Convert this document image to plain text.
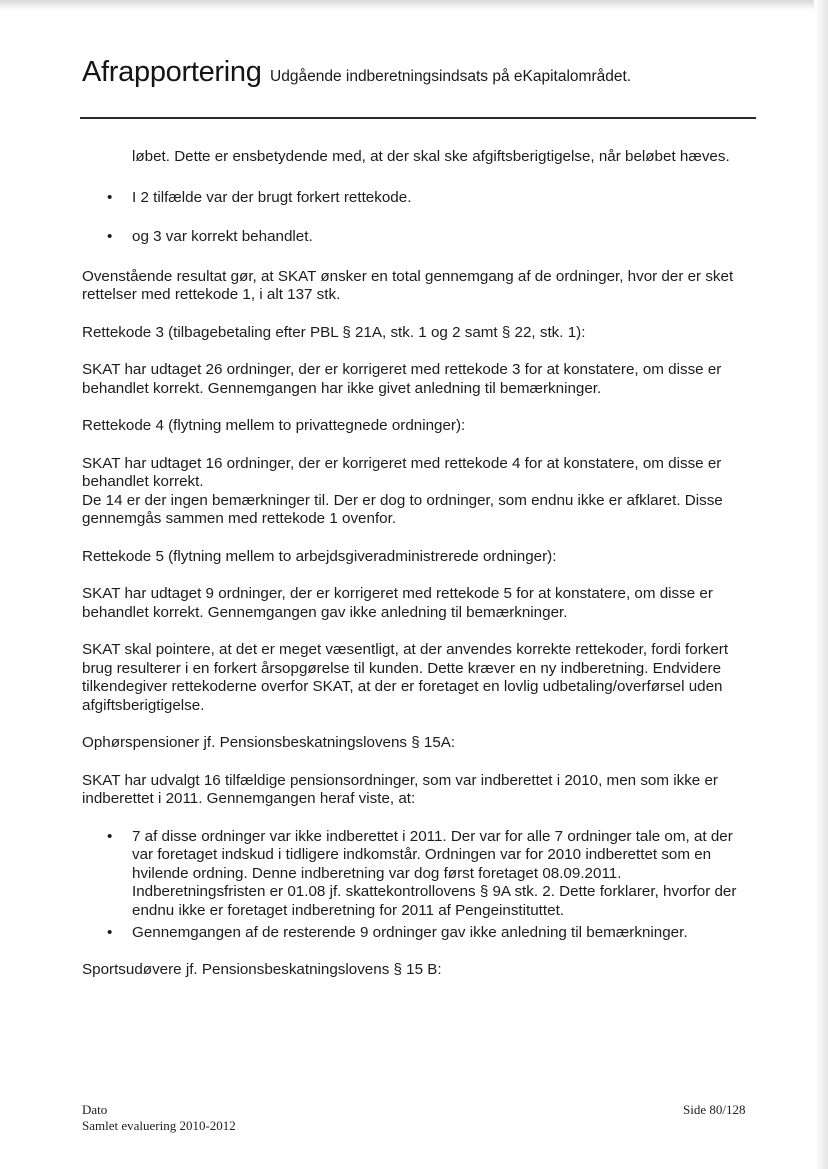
Afrapportering Udgående indberetningsindsats på eKapitalområdet.

løbet. Dette er ensbetydende med, at der skal ske afgiftsberigtigelse, når beløbet hæves.

• I 2 tilfælde var der brugt forkert rettekode.
• og 3 var korrekt behandlet.

Ovenstående resultat gør, at SKAT ønsker en total gennemgang af de ordninger, hvor der er sket rettelser med rettekode 1, i alt 137 stk.

Rettekode 3 (tilbagebetaling efter PBL § 21A, stk. 1 og 2 samt § 22, stk. 1):

SKAT har udtaget 26 ordninger, der er korrigeret med rettekode 3 for at konstatere, om disse er behandlet korrekt. Gennemgangen har ikke givet anledning til bemærkninger.

Rettekode 4 (flytning mellem to privattegnede ordninger):

SKAT har udtaget 16 ordninger, der er korrigeret med rettekode 4 for at konstatere, om disse er behandlet korrekt.

De 14 er der ingen bemærkninger til. Der er dog to ordninger, som endnu ikke er afklaret. Disse gennemgås sammen med rettekode 1 ovenfor.

Rettekode 5 (flytning mellem to arbejdsgiveradministrerede ordninger):

SKAT har udtaget 9 ordninger, der er korrigeret med rettekode 5 for at konstatere, om disse er behandlet korrekt. Gennemgangen gav ikke anledning til bemærkninger.

SKAT skal pointere, at det er meget væsentligt, at der anvendes korrekte rettekoder, fordi forkert brug resulterer i en forkert årsopgørelse til kunden. Dette kræver en ny indberetning. Endvidere tilkendegiver rettekoderne overfor SKAT, at der er foretaget en lovlig udbetaling/overførsel uden afgiftsberigtigelse.

Ophørspensioner jf. Pensionsbeskatningslovens § 15A:

SKAT har udvalgt 16 tilfældige pensionsordninger, som var indberettet i 2010, men som ikke er indberettet i 2011. Gennemgangen heraf viste, at:

• 7 af disse ordninger var ikke indberettet i 2011. Der var for alle 7 ordninger tale om, at der var foretaget indskud i tidligere indkomstår. Ordningen var for 2010 indberettet som en hvilende ordning. Denne indberetning var dog først foretaget 08.09.2011. Indberetningsfristen er 01.08 jf. skattekontrollovens § 9A stk. 2. Dette forklarer, hvorfor der endnu ikke er foretaget indberetning for 2011 af Pengeinstituttet.
• Gennemgangen af de resterende 9 ordninger gav ikke anledning til bemærkninger.

Sportsudøvere jf. Pensionsbeskatningslovens § 15 B:

Dato
Samlet evaluering 2010-2012
Side 80/128
